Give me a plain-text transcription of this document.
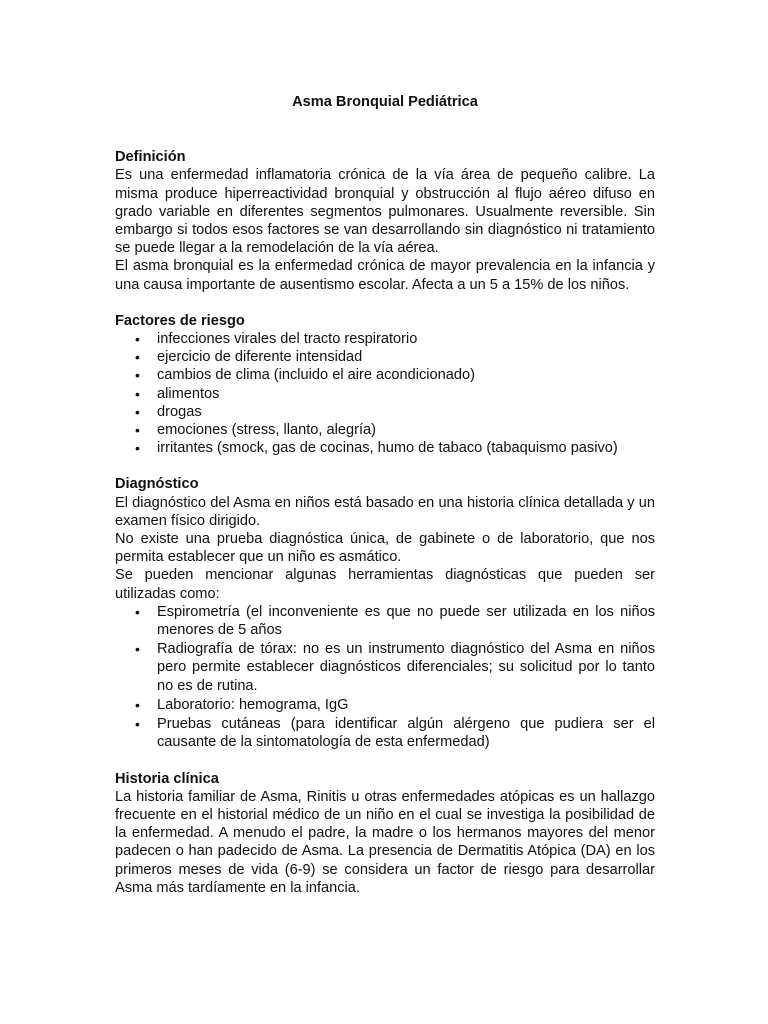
Asma Bronquial Pediátrica
Definición

Es una enfermedad inflamatoria crónica de la vía área de pequeño calibre. La misma produce hiperreactividad bronquial y obstrucción al flujo aéreo difuso en grado variable en diferentes segmentos pulmonares. Usualmente reversible. Sin embargo si todos esos factores se van desarrollando sin diagnóstico ni tratamiento se puede llegar a la remodelación de la vía aérea.

El asma bronquial es la enfermedad crónica de mayor prevalencia en la infancia y una causa importante de ausentismo escolar. Afecta a un 5 a 15% de los niños.

Factores de riesgo
• infecciones virales del tracto respiratorio
• ejercicio de diferente intensidad
• cambios de clima (incluido el aire acondicionado)
• alimentos
• drogas
• emociones (stress, llanto, alegría)
• irritantes (smock, gas de cocinas, humo de tabaco (tabaquismo pasivo)
Diagnóstico

El diagnóstico del Asma en niños está basado en una historia clínica detallada y un examen físico dirigido.

No existe una prueba diagnóstica única, de gabinete o de laboratorio, que nos permita establecer que un niño es asmático.

Se pueden mencionar algunas herramientas diagnósticas que pueden ser utilizadas como:

• Espirometría (el inconveniente es que no puede ser utilizada en los niños menores de 5 años
• Radiografía de tórax: no es un instrumento diagnóstico del Asma en niños pero permite establecer diagnósticos diferenciales; su solicitud por lo tanto no es de rutina.
• Laboratorio: hemograma, IgG
• Pruebas cutáneas (para identificar algún alérgeno que pudiera ser el causante de la sintomatología de esta enfermedad)
Historia clínica

La historia familiar de Asma, Rinitis u otras enfermedades atópicas es un hallazgo frecuente en el historial médico de un niño en el cual se investiga la posibilidad de la enfermedad. A menudo el padre, la madre o los hermanos mayores del menor padecen o han padecido de Asma. La presencia de Dermatitis Atópica (DA) en los primeros meses de vida (6-9) se considera un factor de riesgo para desarrollar Asma más tardíamente en la infancia.
